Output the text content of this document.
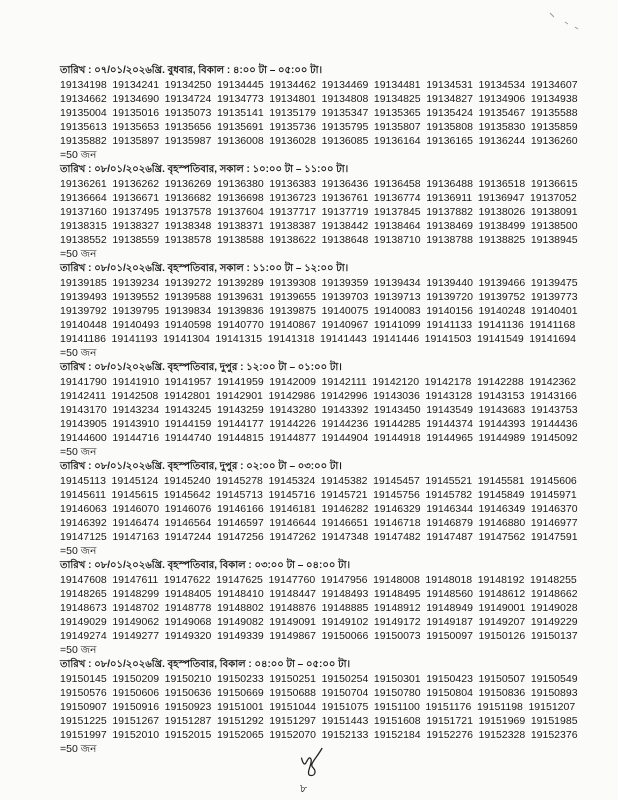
তারিখ : ০৭/০১/২০২৬খ্রি. বুধবার, বিকাল : ৪:০০ টা – ০৫:০০ টা।
19134198 19134241 19134250 19134445 19134462 19134469 19134481 19134531 19134534 19134607
19134662 19134690 19134724 19134773 19134801 19134808 19134825 19134827 19134906 19134938
19135004 19135016 19135073 19135141 19135179 19135347 19135365 19135424 19135467 19135588
19135613 19135653 19135656 19135691 19135736 19135795 19135807 19135808 19135830 19135859
19135882 19135897 19135987 19136008 19136028 19136085 19136164 19136165 19136244 19136260
=50 জন
তারিখ : ০৮/০১/২০২৬খ্রি. বৃহস্পতিবার, সকাল : ১০:০০ টা – ১১:০০ টা।
19136261 19136262 19136269 19136380 19136383 19136436 19136458 19136488 19136518 19136615
19136664 19136671 19136682 19136698 19136723 19136761 19136774 19136911 19136947 19137052
19137160 19137495 19137578 19137604 19137717 19137719 19137845 19137882 19138026 19138091
19138315 19138327 19138348 19138371 19138387 19138442 19138464 19138469 19138499 19138500
19138552 19138559 19138578 19138588 19138622 19138648 19138710 19138788 19138825 19138945
=50 জন
তারিখ : ০৮/০১/২০২৬খ্রি. বৃহস্পতিবার, সকাল : ১১:০০ টা – ১২:০০ টা।
19139185 19139234 19139272 19139289 19139308 19139359 19139434 19139440 19139466 19139475
19139493 19139552 19139588 19139631 19139655 19139703 19139713 19139720 19139752 19139773
19139792 19139795 19139834 19139836 19139875 19140075 19140083 19140156 19140248 19140401
19140448 19140493 19140598 19140770 19140867 19140967 19141099 19141133 19141136 19141168
19141186 19141193 19141304 19141315 19141318 19141443 19141446 19141503 19141549 19141694
=50 জন
তারিখ : ০৮/০১/২০২৬খ্রি. বৃহস্পতিবার, দুপুর : ১২:০০ টা – ০১:০০ টা।
19141790 19141910 19141957 19141959 19142009 19142111 19142120 19142178 19142288 19142362
19142411 19142508 19142801 19142901 19142986 19142996 19143036 19143128 19143153 19143166
19143170 19143234 19143245 19143259 19143280 19143392 19143450 19143549 19143683 19143753
19143905 19143910 19144159 19144177 19144226 19144236 19144285 19144374 19144393 19144436
19144600 19144716 19144740 19144815 19144877 19144904 19144918 19144965 19144989 19145092
=50 জন
তারিখ : ০৮/০১/২০২৬খ্রি. বৃহস্পতিবার, দুপুর : ০২:০০ টা – ০৩:০০ টা।
19145113 19145124 19145240 19145278 19145324 19145382 19145457 19145521 19145581 19145606
19145611 19145615 19145642 19145713 19145716 19145721 19145756 19145782 19145849 19145971
19146063 19146070 19146076 19146166 19146181 19146282 19146329 19146344 19146349 19146370
19146392 19146474 19146564 19146597 19146644 19146651 19146718 19146879 19146880 19146977
19147125 19147163 19147244 19147256 19147262 19147348 19147482 19147487 19147562 19147591
=50 জন
তারিখ : ০৮/০১/২০২৬খ্রি. বৃহস্পতিবার, বিকাল : ০৩:০০ টা – ০৪:০০ টা।
19147608 19147611 19147622 19147625 19147760 19147956 19148008 19148018 19148192 19148255
19148265 19148299 19148405 19148410 19148447 19148493 19148495 19148560 19148612 19148662
19148673 19148702 19148778 19148802 19148876 19148885 19148912 19148949 19149001 19149028
19149029 19149062 19149068 19149082 19149091 19149102 19149172 19149187 19149207 19149229
19149274 19149277 19149320 19149339 19149867 19150066 19150073 19150097 19150126 19150137
=50 জন
তারিখ : ০৮/০১/২০২৬খ্রি. বৃহস্পতিবার, বিকাল : ০৪:০০ টা – ০৫:০০ টা।
19150145 19150209 19150210 19150233 19150251 19150254 19150301 19150423 19150507 19150549
19150576 19150606 19150636 19150669 19150688 19150704 19150780 19150804 19150836 19150893
19150907 19150916 19150923 19151001 19151044 19151075 19151100 19151176 19151198 19151207
19151225 19151267 19151287 19151292 19151297 19151443 19151608 19151721 19151969 19151985
19151997 19152010 19152015 19152065 19152070 19152133 19152184 19152276 19152328 19152376
=50 জন
৮
